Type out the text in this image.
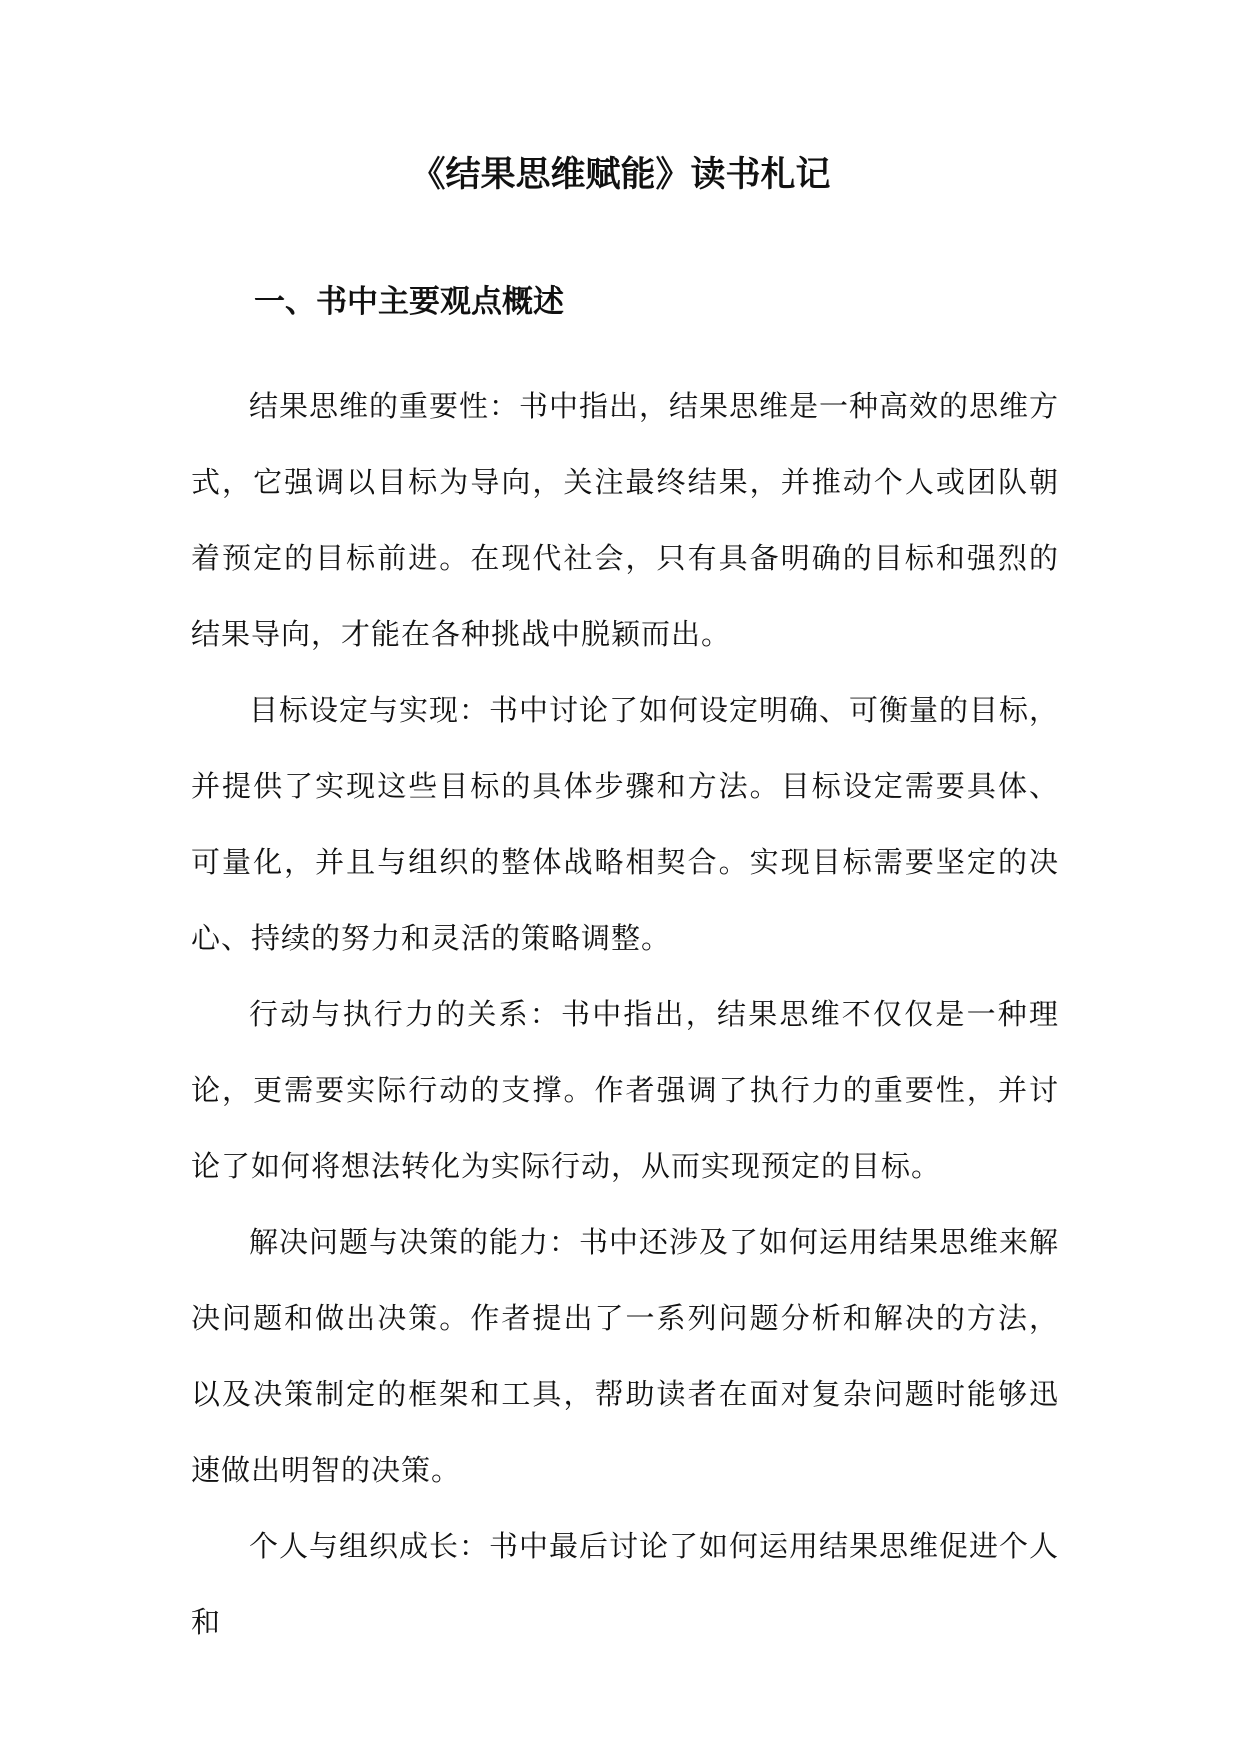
《结果思维赋能》读书札记
一、书中主要观点概述

结果思维的重要性：书中指出，结果思维是一种高效的思维方式，它强调以目标为导向，关注最终结果，并推动个人或团队朝着预定的目标前进。在现代社会，只有具备明确的目标和强烈的结果导向，才能在各种挑战中脱颖而出。

目标设定与实现：书中讨论了如何设定明确、可衡量的目标，并提供了实现这些目标的具体步骤和方法。目标设定需要具体、可量化，并且与组织的整体战略相契合。实现目标需要坚定的决心、持续的努力和灵活的策略调整。

行动与执行力的关系：书中指出，结果思维不仅仅是一种理论，更需要实际行动的支撑。作者强调了执行力的重要性，并讨论了如何将想法转化为实际行动，从而实现预定的目标。

解决问题与决策的能力：书中还涉及了如何运用结果思维来解决问题和做出决策。作者提出了一系列问题分析和解决的方法，以及决策制定的框架和工具，帮助读者在面对复杂问题时能够迅速做出明智的决策。

个人与组织成长：书中最后讨论了如何运用结果思维促进个人和
